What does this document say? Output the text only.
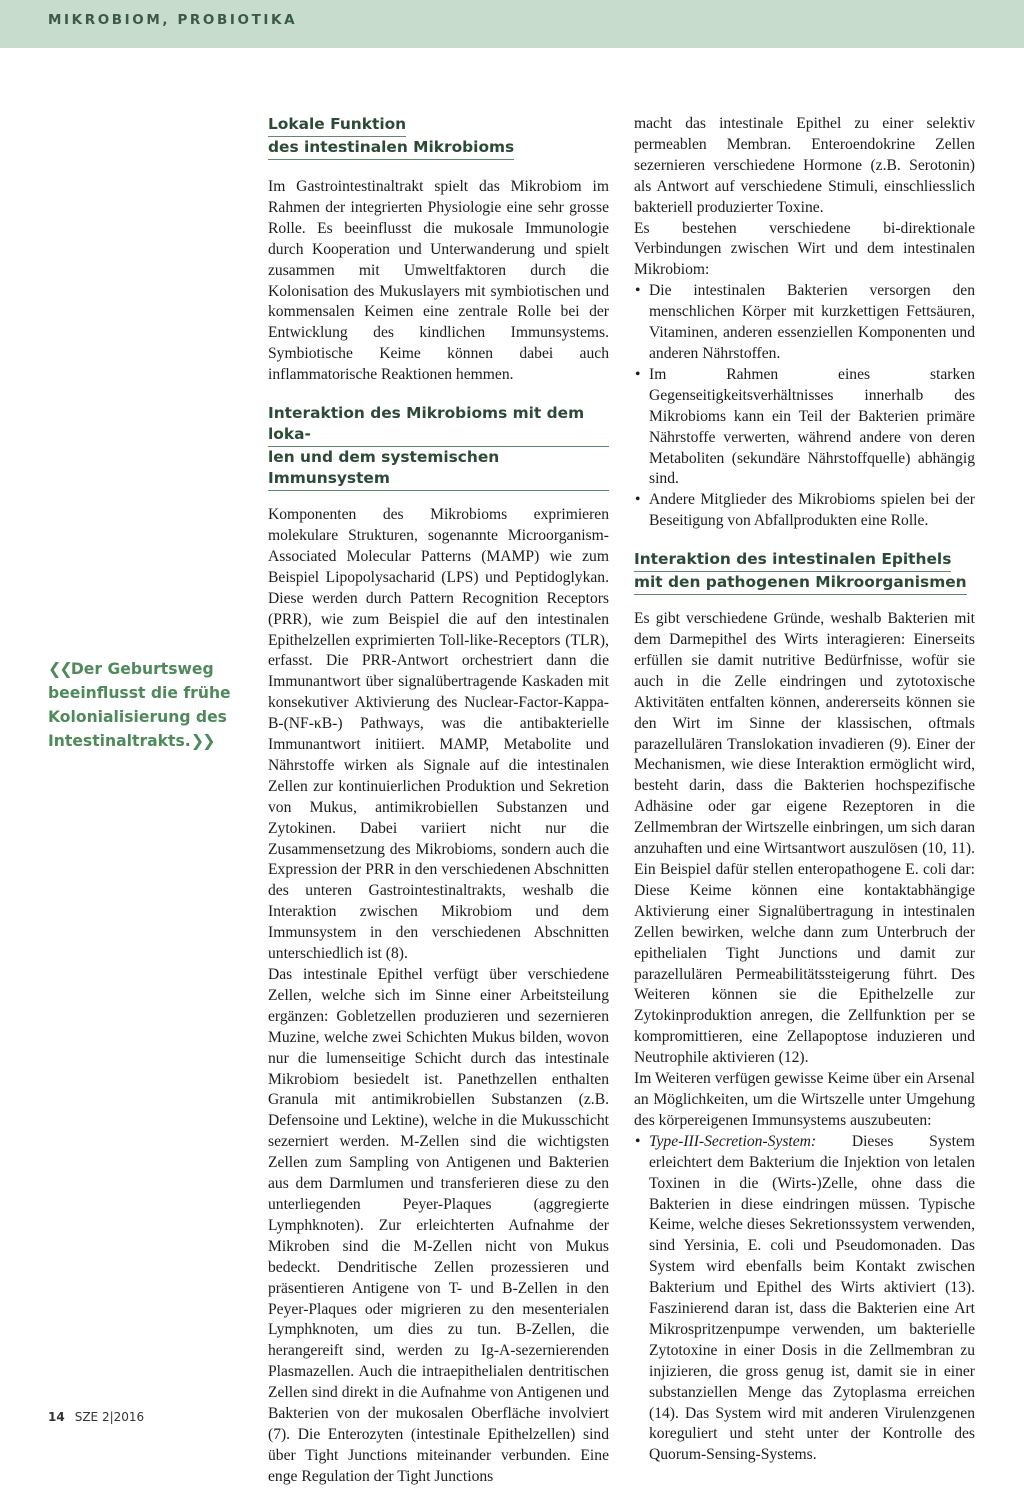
MIKROBIOM, PROBIOTIKA
❮❮Der Geburtsweg beeinflusst die frühe Kolonialisierung des Intestinaltrakts.❯❯
Lokale Funktion
des intestinalen Mikrobioms

Im Gastrointestinaltrakt spielt das Mikrobiom im Rahmen der integrierten Physiologie eine sehr grosse Rolle. Es beeinflusst die mukosale Immunologie durch Kooperation und Unterwanderung und spielt zusammen mit Umweltfaktoren durch die Kolonisation des Mukuslayers mit symbiotischen und kommensalen Keimen eine zentrale Rolle bei der Entwicklung des kindlichen Immunsystems. Symbiotische Keime können dabei auch inflammatorische Reaktionen hemmen.

Interaktion des Mikrobioms mit dem loka-
len und dem systemischen Immunsystem

Komponenten des Mikrobioms exprimieren molekulare Strukturen, sogenannte Microorganism-Associated Molecular Patterns (MAMP) wie zum Beispiel Lipopolysacharid (LPS) und Peptidoglykan. Diese werden durch Pattern Recognition Receptors (PRR), wie zum Beispiel die auf den intestinalen Epithelzellen exprimierten Toll-like-Receptors (TLR), erfasst. Die PRR-Antwort orchestriert dann die Immunantwort über signalübertragende Kaskaden mit konsekutiver Aktivierung des Nuclear-Factor-Kappa-B-(NF-κB-) Pathways, was die antibakterielle Immunantwort initiiert. MAMP, Metabolite und Nährstoffe wirken als Signale auf die intestinalen Zellen zur kontinuierlichen Produktion und Sekretion von Mukus, antimikrobiellen Substanzen und Zytokinen. Dabei variiert nicht nur die Zusammensetzung des Mikrobioms, sondern auch die Expression der PRR in den verschiedenen Abschnitten des unteren Gastrointestinaltrakts, weshalb die Interaktion zwischen Mikrobiom und dem Immunsystem in den verschiedenen Abschnitten unterschiedlich ist (8).

Das intestinale Epithel verfügt über verschiedene Zellen, welche sich im Sinne einer Arbeitsteilung ergänzen: Gobletzellen produzieren und sezernieren Muzine, welche zwei Schichten Mukus bilden, wovon nur die lumenseitige Schicht durch das intestinale Mikrobiom besiedelt ist. Panethzellen enthalten Granula mit antimikrobiellen Substanzen (z.B. Defensoine und Lektine), welche in die Mukusschicht sezerniert werden. M-Zellen sind die wichtigsten Zellen zum Sampling von Antigenen und Bakterien aus dem Darmlumen und transferieren diese zu den unterliegenden Peyer-Plaques (aggregierte Lymphknoten). Zur erleichterten Aufnahme der Mikroben sind die M-Zellen nicht von Mukus bedeckt. Dendritische Zellen prozessieren und präsentieren Antigene von T- und B-Zellen in den Peyer-Plaques oder migrieren zu den mesenterialen Lymphknoten, um dies zu tun. B-Zellen, die herangereift sind, werden zu Ig-A-sezernierenden Plasmazellen. Auch die intraepithelialen dentritischen Zellen sind direkt in die Aufnahme von Antigenen und Bakterien von der mukosalen Oberfläche involviert (7). Die Enterozyten (intestinale Epithelzellen) sind über Tight Junctions miteinander verbunden. Eine enge Regulation der Tight Junctions

macht das intestinale Epithel zu einer selektiv permeablen Membran. Enteroendokrine Zellen sezernieren verschiedene Hormone (z.B. Serotonin) als Antwort auf verschiedene Stimuli, einschliesslich bakteriell produzierter Toxine.

Es bestehen verschiedene bi-direktionale Verbindungen zwischen Wirt und dem intestinalen Mikrobiom:

• Die intestinalen Bakterien versorgen den menschlichen Körper mit kurzkettigen Fettsäuren, Vitaminen, anderen essenziellen Komponenten und anderen Nährstoffen.
• Im Rahmen eines starken Gegenseitigkeitsverhältnisses innerhalb des Mikrobioms kann ein Teil der Bakterien primäre Nährstoffe verwerten, während andere von deren Metaboliten (sekundäre Nährstoffquelle) abhängig sind.
• Andere Mitglieder des Mikrobioms spielen bei der Beseitigung von Abfallprodukten eine Rolle.
Interaktion des intestinalen Epithels
mit den pathogenen Mikroorganismen

Es gibt verschiedene Gründe, weshalb Bakterien mit dem Darmepithel des Wirts interagieren: Einerseits erfüllen sie damit nutritive Bedürfnisse, wofür sie auch in die Zelle eindringen und zytotoxische Aktivitäten entfalten können, andererseits können sie den Wirt im Sinne der klassischen, oftmals parazellulären Translokation invadieren (9). Einer der Mechanismen, wie diese Interaktion ermöglicht wird, besteht darin, dass die Bakterien hochspezifische Adhäsine oder gar eigene Rezeptoren in die Zellmembran der Wirtszelle einbringen, um sich daran anzuhaften und eine Wirtsantwort auszulösen (10, 11). Ein Beispiel dafür stellen enteropathogene E. coli dar: Diese Keime können eine kontaktabhängige Aktivierung einer Signalübertragung in intestinalen Zellen bewirken, welche dann zum Unterbruch der epithelialen Tight Junctions und damit zur parazellulären Permeabilitätssteigerung führt. Des Weiteren können sie die Epithelzelle zur Zytokinproduktion anregen, die Zellfunktion per se kompromittieren, eine Zellapoptose induzieren und Neutrophile aktivieren (12).

Im Weiteren verfügen gewisse Keime über ein Arsenal an Möglichkeiten, um die Wirtszelle unter Umgehung des körpereigenen Immunsystems auszubeuten:

• Type-III-Secretion-System: Dieses System erleichtert dem Bakterium die Injektion von letalen Toxinen in die (Wirts-)Zelle, ohne dass die Bakterien in diese eindringen müssen. Typische Keime, welche dieses Sekretionssystem verwenden, sind Yersinia, E. coli und Pseudomonaden. Das System wird ebenfalls beim Kontakt zwischen Bakterium und Epithel des Wirts aktiviert (13). Faszinierend daran ist, dass die Bakterien eine Art Mikrospritzenpumpe verwenden, um bakterielle Zytotoxine in einer Dosis in die Zellmembran zu injizieren, die gross genug ist, damit sie in einer substanziellen Menge das Zytoplasma erreichen (14). Das System wird mit anderen Virulenzgenen koreguliert und steht unter der Kontrolle des Quorum-Sensing-Systems.
14 SZE 2|2016
